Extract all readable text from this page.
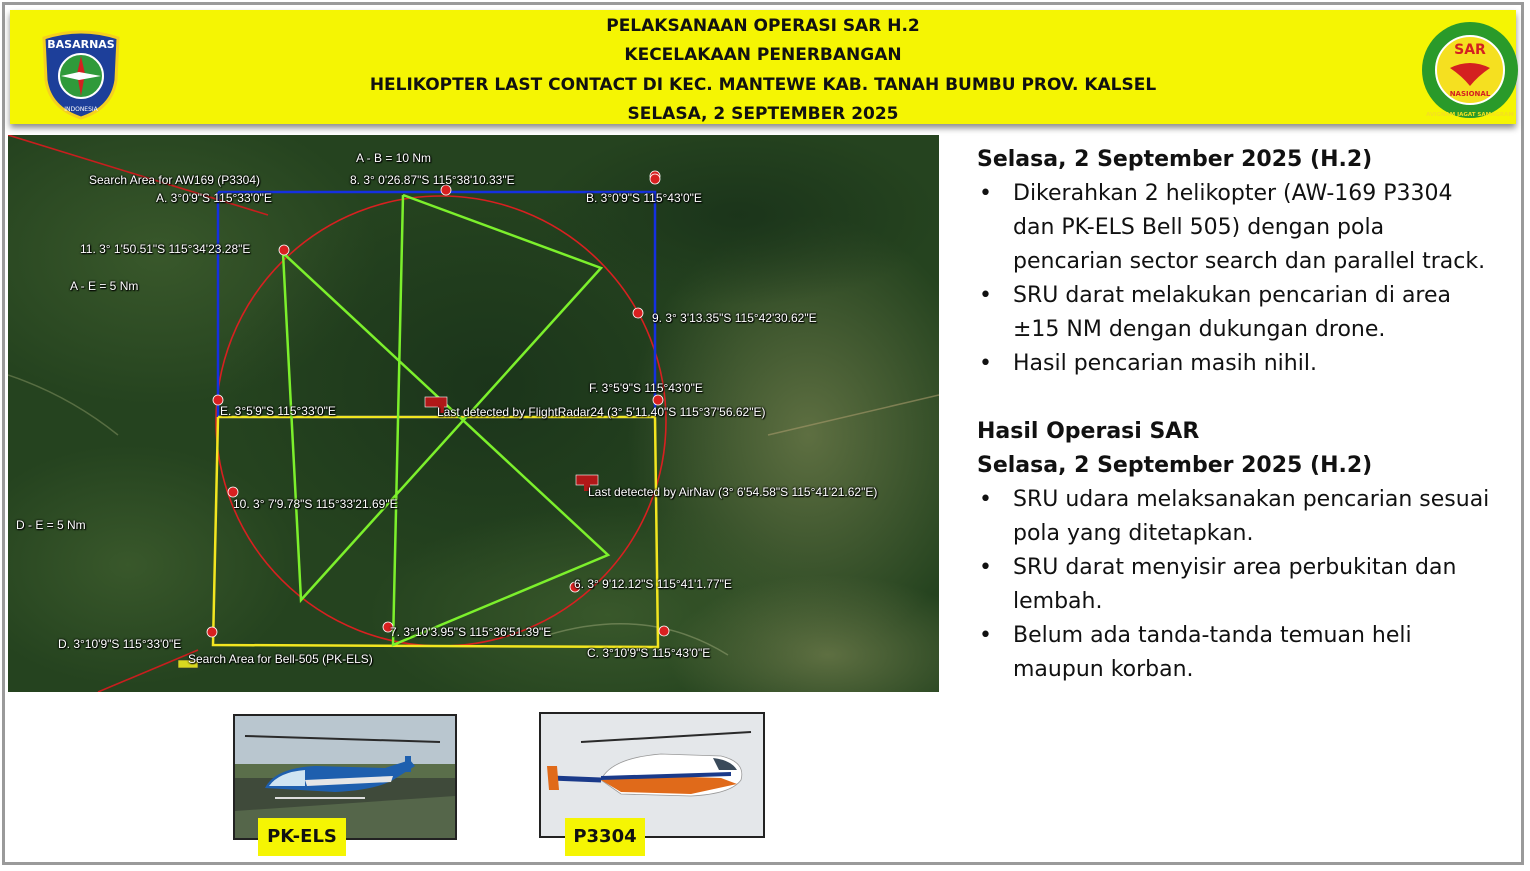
PELAKSANAAN OPERASI SAR H.2
KECELAKAAN PENERBANGAN
HELIKOPTER LAST CONTACT DI KEC. MANTEWE KAB. TANAH BUMBU PROV. KALSEL
SELASA, 2 SEPTEMBER 2025
BASARNAS
INDONESIA
SAR
NASIONAL
AVIGNAM JAGAT SAMAGRAM
A - B = 10 Nm
Search Area for AW169 (P3304)	8. 3° 0'26.87"S 115°38'10.33"E
A. 3°0'9"S 115°33'0"E	B. 3°0'9"S 115°43'0"E
11. 3° 1'50.51"S 115°34'23.28"E
A - E = 5 Nm
9. 3° 3'13.35"S 115°42'30.62"E
F. 3°5'9"S 115°43'0"E
E. 3°5'9"S 115°33'0"E	Last detected by FlightRadar24 (3° 5'11.40"S 115°37'56.62"E)
Last detected by AirNav (3° 6'54.58"S 115°41'21.62"E)
10. 3° 7'9.78"S 115°33'21.69"E
D - E = 5 Nm
6. 3° 9'12.12"S 115°41'1.77"E
7. 3°10'3.95"S 115°36'51.39"E
D. 3°10'9"S 115°33'0"E
C. 3°10'9"S 115°43'0"E
Search Area for Bell-505 (PK-ELS)
Selasa, 2 September 2025 (H.2)
• Dikerahkan 2 helikopter (AW-169 P3304 dan PK-ELS Bell 505) dengan pola pencarian sector search dan parallel track.
• SRU darat melakukan pencarian di area ±15 NM dengan dukungan drone.
• Hasil pencarian masih nihil.
Hasil Operasi SAR
Selasa, 2 September 2025 (H.2)
• SRU udara melaksanakan pencarian sesuai pola yang ditetapkan.
• SRU darat menyisir area perbukitan dan lembah.
• Belum ada tanda-tanda temuan heli maupun korban.
PK-ELS	P3304
